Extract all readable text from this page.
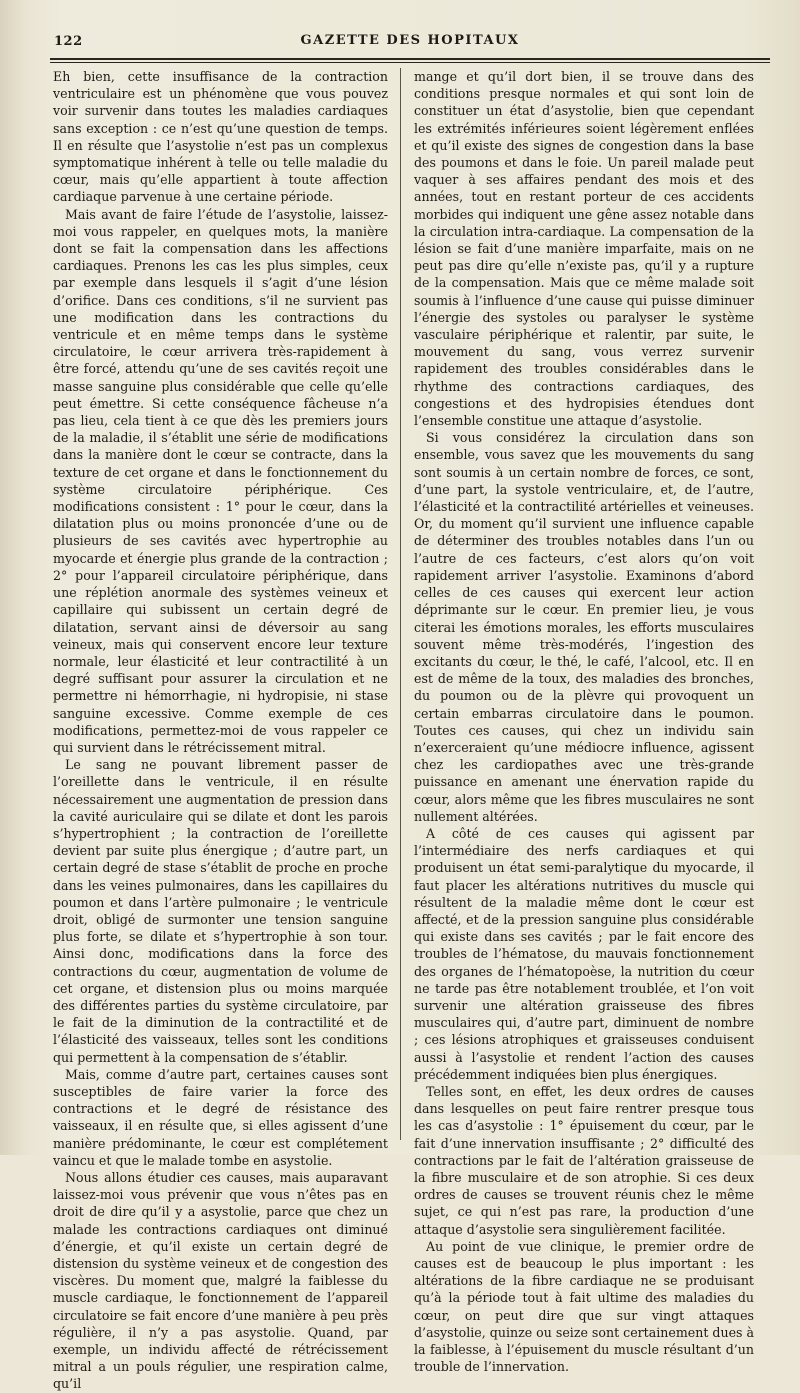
122	GAZETTE DES HOPITAUX

Eh bien, cette insuffisance de la contraction ventriculaire est un phénomène que vous pouvez voir survenir dans toutes les maladies cardiaques sans exception : ce n’est qu’une question de temps. Il en résulte que l’asystolie n’est pas un complexus symptomatique inhérent à telle ou telle maladie du cœur, mais qu’elle appartient à toute affection cardiaque parvenue à une certaine période.

Mais avant de faire l’étude de l’asystolie, laissez-moi vous rappeler, en quelques mots, la manière dont se fait la compensation dans les affections cardiaques. Prenons les cas les plus simples, ceux par exemple dans lesquels il s’agit d’une lésion d’orifice. Dans ces conditions, s’il ne survient pas une modification dans les contractions du ventricule et en même temps dans le système circulatoire, le cœur arrivera très-rapidement à être forcé, attendu qu’une de ses cavités reçoit une masse sanguine plus considérable que celle qu’elle peut émettre. Si cette conséquence fâcheuse n’a pas lieu, cela tient à ce que dès les premiers jours de la maladie, il s’établit une série de modifications dans la manière dont le cœur se contracte, dans la texture de cet organe et dans le fonctionnement du système circulatoire périphérique. Ces modifications consistent : 1° pour le cœur, dans la dilatation plus ou moins prononcée d’une ou de plusieurs de ses cavités avec hypertrophie au myocarde et énergie plus grande de la contraction ; 2° pour l’appareil circulatoire périphérique, dans une réplétion anormale des systèmes veineux et capillaire qui subissent un certain degré de dilatation, servant ainsi de déversoir au sang veineux, mais qui conservent encore leur texture normale, leur élasticité et leur contractilité à un degré suffisant pour assurer la circulation et ne permettre ni hémorrhagie, ni hydropisie, ni stase sanguine excessive. Comme exemple de ces modifications, permettez-moi de vous rappeler ce qui survient dans le rétrécissement mitral.

Le sang ne pouvant librement passer de l’oreillette dans le ventricule, il en résulte nécessairement une augmentation de pression dans la cavité auriculaire qui se dilate et dont les parois s’hypertrophient ; la contraction de l’oreillette devient par suite plus énergique ; d’autre part, un certain degré de stase s’établit de proche en proche dans les veines pulmonaires, dans les capillaires du poumon et dans l’artère pulmonaire ; le ventricule droit, obligé de surmonter une tension sanguine plus forte, se dilate et s’hypertrophie à son tour. Ainsi donc, modifications dans la force des contractions du cœur, augmentation de volume de cet organe, et distension plus ou moins marquée des différentes parties du système circulatoire, par le fait de la diminution de la contractilité et de l’élasticité des vaisseaux, telles sont les conditions qui permettent à la compensation de s’établir.

Mais, comme d’autre part, certaines causes sont susceptibles de faire varier la force des contractions et le degré de résistance des vaisseaux, il en résulte que, si elles agissent d’une manière prédominante, le cœur est complétement vaincu et que le malade tombe en asystolie.

Nous allons étudier ces causes, mais auparavant laissez-moi vous prévenir que vous n’êtes pas en droit de dire qu’il y a asystolie, parce que chez un malade les contractions cardiaques ont diminué d’énergie, et qu’il existe un certain degré de distension du système veineux et de congestion des viscères. Du moment que, malgré la faiblesse du muscle cardiaque, le fonctionnement de l’appareil circulatoire se fait encore d’une manière à peu près régulière, il n’y a pas asystolie. Quand, par exemple, un individu affecté de rétrécissement mitral a un pouls régulier, une respiration calme, qu’il

mange et qu’il dort bien, il se trouve dans des conditions presque normales et qui sont loin de constituer un état d’asystolie, bien que cependant les extrémités inférieures soient légèrement enflées et qu’il existe des signes de congestion dans la base des poumons et dans le foie. Un pareil malade peut vaquer à ses affaires pendant des mois et des années, tout en restant porteur de ces accidents morbides qui indiquent une gêne assez notable dans la circulation intra-cardiaque. La compensation de la lésion se fait d’une manière imparfaite, mais on ne peut pas dire qu’elle n’existe pas, qu’il y a rupture de la compensation. Mais que ce même malade soit soumis à l’influence d’une cause qui puisse diminuer l’énergie des systoles ou paralyser le système vasculaire périphérique et ralentir, par suite, le mouvement du sang, vous verrez survenir rapidement des troubles considérables dans le rhythme des contractions cardiaques, des congestions et des hydropisies étendues dont l’ensemble constitue une attaque d’asystolie.

Si vous considérez la circulation dans son ensemble, vous savez que les mouvements du sang sont soumis à un certain nombre de forces, ce sont, d’une part, la systole ventriculaire, et, de l’autre, l’élasticité et la contractilité artérielles et veineuses. Or, du moment qu’il survient une influence capable de déterminer des troubles notables dans l’un ou l’autre de ces facteurs, c’est alors qu’on voit rapidement arriver l’asystolie. Examinons d’abord celles de ces causes qui exercent leur action déprimante sur le cœur. En premier lieu, je vous citerai les émotions morales, les efforts musculaires souvent même très-modérés, l’ingestion des excitants du cœur, le thé, le café, l’alcool, etc. Il en est de même de la toux, des maladies des bronches, du poumon ou de la plèvre qui provoquent un certain embarras circulatoire dans le poumon. Toutes ces causes, qui chez un individu sain n’exerceraient qu’une médiocre influence, agissent chez les cardiopathes avec une très-grande puissance en amenant une énervation rapide du cœur, alors même que les fibres musculaires ne sont nullement altérées.

A côté de ces causes qui agissent par l’intermédiaire des nerfs cardiaques et qui produisent un état semi-paralytique du myocarde, il faut placer les altérations nutritives du muscle qui résultent de la maladie même dont le cœur est affecté, et de la pression sanguine plus considérable qui existe dans ses cavités ; par le fait encore des troubles de l’hématose, du mauvais fonctionnement des organes de l’hématopoèse, la nutrition du cœur ne tarde pas être notablement troublée, et l’on voit survenir une altération graisseuse des fibres musculaires qui, d’autre part, diminuent de nombre ; ces lésions atrophiques et graisseuses conduisent aussi à l’asystolie et rendent l’action des causes précédemment indiquées bien plus énergiques.

Telles sont, en effet, les deux ordres de causes dans lesquelles on peut faire rentrer presque tous les cas d’asystolie : 1° épuisement du cœur, par le fait d’une innervation insuffisante ; 2° difficulté des contractions par le fait de l’altération graisseuse de la fibre musculaire et de son atrophie. Si ces deux ordres de causes se trouvent réunis chez le même sujet, ce qui n’est pas rare, la production d’une attaque d’asystolie sera singulièrement facilitée.

Au point de vue clinique, le premier ordre de causes est de beaucoup le plus important : les altérations de la fibre cardiaque ne se produisant qu’à la période tout à fait ultime des maladies du cœur, on peut dire que sur vingt attaques d’asystolie, quinze ou seize sont certainement dues à la faiblesse, à l’épuisement du muscle résultant d’un trouble de l’innervation.
